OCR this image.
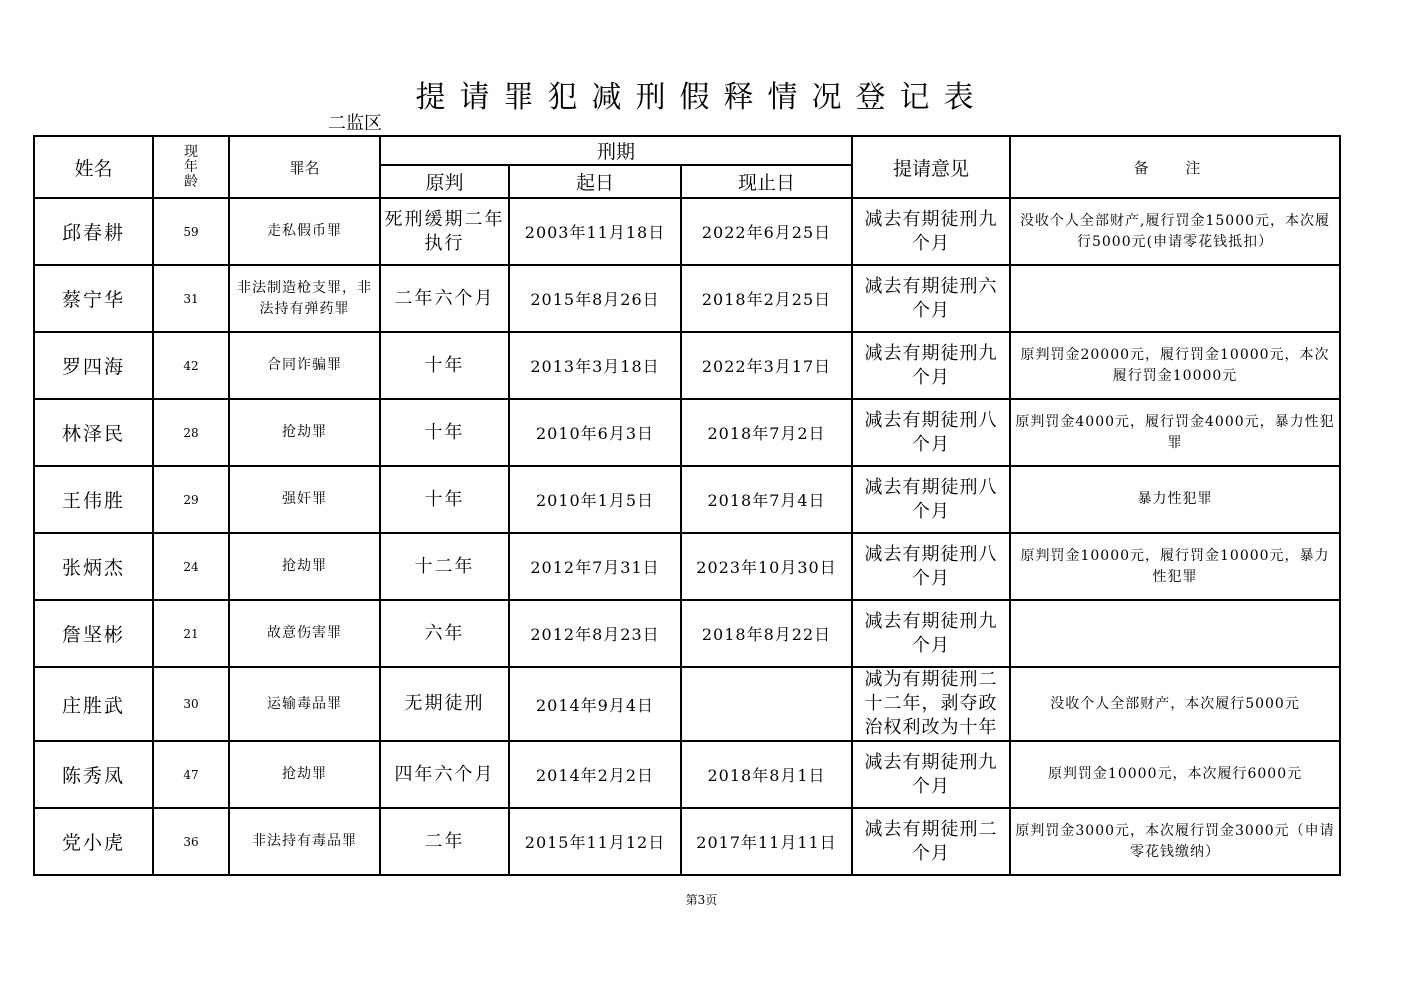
提请罪犯减刑假释情况登记表
二监区
姓名	现
年
龄	罪名	刑期			提请意见	备 注
			原判	起日	现止日		
邱春耕	59	走私假币罪	死刑缓期二年执行	2003年11月18日	2022年6月25日	减去有期徒刑九个月	没收个人全部财产,履行罚金15000元，本次履行5000元(申请零花钱抵扣）
蔡宁华	31	非法制造枪支罪，非法持有弹药罪	二年六个月	2015年8月26日	2018年2月25日	减去有期徒刑六个月	
罗四海	42	合同诈骗罪	十年	2013年3月18日	2022年3月17日	减去有期徒刑九个月	原判罚金20000元，履行罚金10000元，本次履行罚金10000元
林泽民	28	抢劫罪	十年	2010年6月3日	2018年7月2日	减去有期徒刑八个月	原判罚金4000元，履行罚金4000元，暴力性犯罪
王伟胜	29	强奸罪	十年	2010年1月5日	2018年7月4日	减去有期徒刑八个月	暴力性犯罪
张炳杰	24	抢劫罪	十二年	2012年7月31日	2023年10月30日	减去有期徒刑八个月	原判罚金10000元，履行罚金10000元，暴力性犯罪
詹坚彬	21	故意伤害罪	六年	2012年8月23日	2018年8月22日	减去有期徒刑九个月	
庄胜武	30	运输毒品罪	无期徒刑	2014年9月4日		减为有期徒刑二十二年，剥夺政治权利改为十年	没收个人全部财产，本次履行5000元
陈秀凤	47	抢劫罪	四年六个月	2014年2月2日	2018年8月1日	减去有期徒刑九个月	原判罚金10000元，本次履行6000元
党小虎	36	非法持有毒品罪	二年	2015年11月12日	2017年11月11日	减去有期徒刑二个月	原判罚金3000元，本次履行罚金3000元（申请零花钱缴纳）
第3页
